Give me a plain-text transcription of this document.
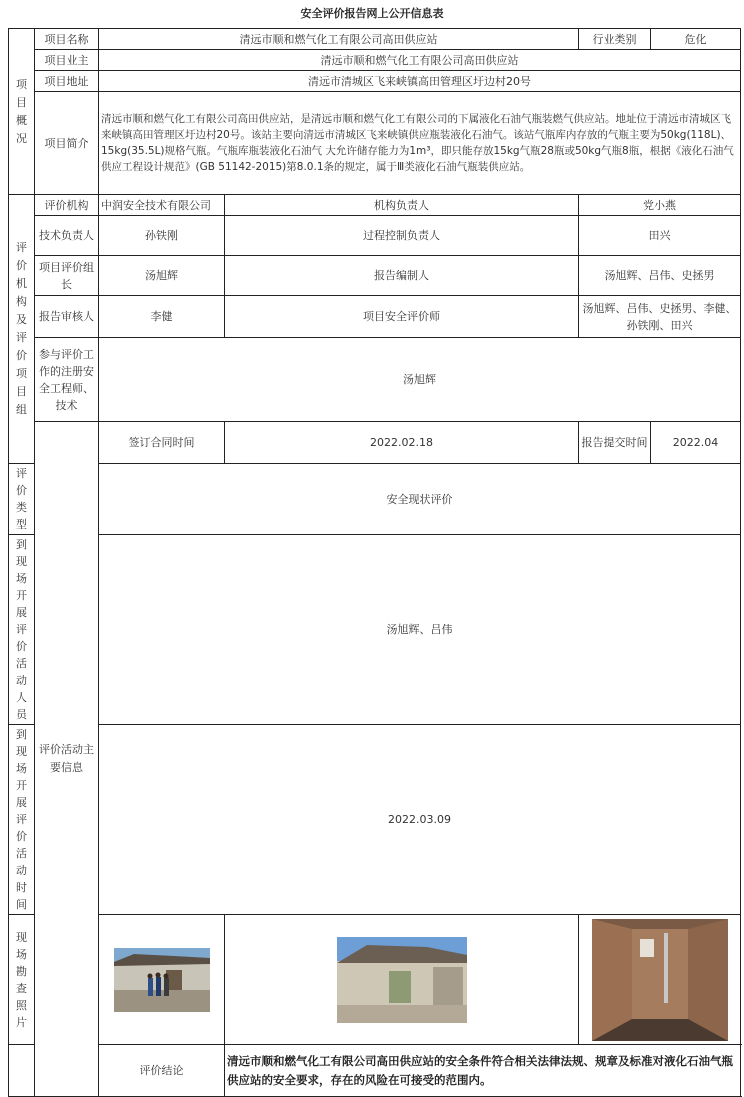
安全评价报告网上公开信息表
项目概况	项目名称	清远市顺和燃气化工有限公司高田供应站		行业类别	危化
	项目业主	清远市顺和燃气化工有限公司高田供应站			
	项目地址	清远市清城区飞来峡镇高田管理区圩边村20号			
	项目简介	清远市顺和燃气化工有限公司高田供应站，是清远市顺和燃气化工有限公司的下属液化石油气瓶装燃气供应站。地址位于清远市清城区飞来峡镇高田管理区圩边村20号。该站主要向清远市清城区飞来峡镇供应瓶装液化石油气。该站气瓶库内存放的气瓶主要为50kg(118L)、15kg(35.5L)规格气瓶。气瓶库瓶装液化石油气 大允许储存能力为1m³，即只能存放15kg气瓶28瓶或50kg气瓶8瓶，根据《液化石油气供应工程设计规范》(GB 51142-2015)第8.0.1条的规定，属于Ⅲ类液化石油气瓶装供应站。			
评价机构及评价项目组	评价机构	中润安全技术有限公司	机构负责人	党小燕	
	技术负责人	孙铁刚	过程控制负责人	田兴	
	项目评价组长	汤旭辉	报告编制人	汤旭辉、吕伟、史拯男	
	报告审核人	李健	项目安全评价师	汤旭辉、吕伟、史拯男、李健、孙铁刚、田兴	
	参与评价工作的注册安全工程师、技术	汤旭辉			
	评价活动主要信息	签订合同时间	2022.02.18	报告提交时间	2022.04
评价类型		安全现状评价			
到现场开展评价活动人员		汤旭辉、吕伟			
到现场开展评价活动时间		2022.03.09			
现场勘查照片	

		评价结论	清远市顺和燃气化工有限公司高田供应站的安全条件符合相关法律法规、规章及标准对液化石油气瓶供应站的安全要求，存在的风险在可接受的范围内。		
